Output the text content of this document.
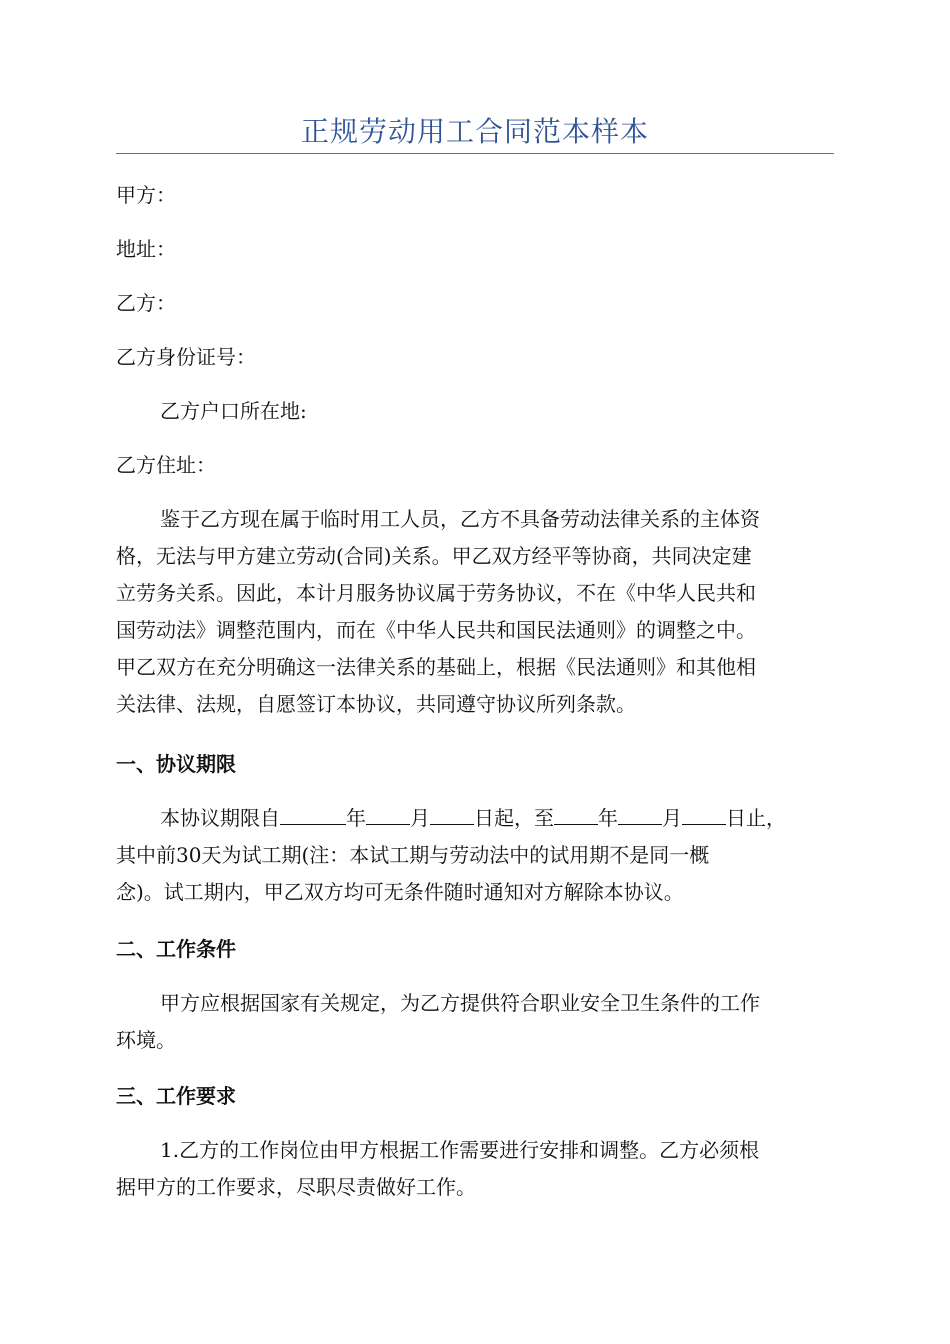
正规劳动用工合同范本样本
甲方：
地址：
乙方：
乙方身份证号：
乙方户口所在地:
乙方住址：
鉴于乙方现在属于临时用工人员，乙方不具备劳动法律关系的主体资
格，无法与甲方建立劳动(合同)关系。甲乙双方经平等协商，共同决定建
立劳务关系。因此，本计月服务协议属于劳务协议，不在《中华人民共和
国劳动法》调整范围内，而在《中华人民共和国民法通则》的调整之中。
甲乙双方在充分明确这一法律关系的基础上，根据《民法通则》和其他相
关法律、法规，自愿签订本协议，共同遵守协议所列条款。
一、协议期限
本协议期限自	年 月 日起，至 年 月 日止，
其中前30天为试工期(注：本试工期与劳动法中的试用期不是同一概
念)。试工期内，甲乙双方均可无条件随时通知对方解除本协议。
二、工作条件
甲方应根据国家有关规定，为乙方提供符合职业安全卫生条件的工作
环境。
三、工作要求
1.乙方的工作岗位由甲方根据工作需要进行安排和调整。乙方必须根
据甲方的工作要求，尽职尽责做好工作。
